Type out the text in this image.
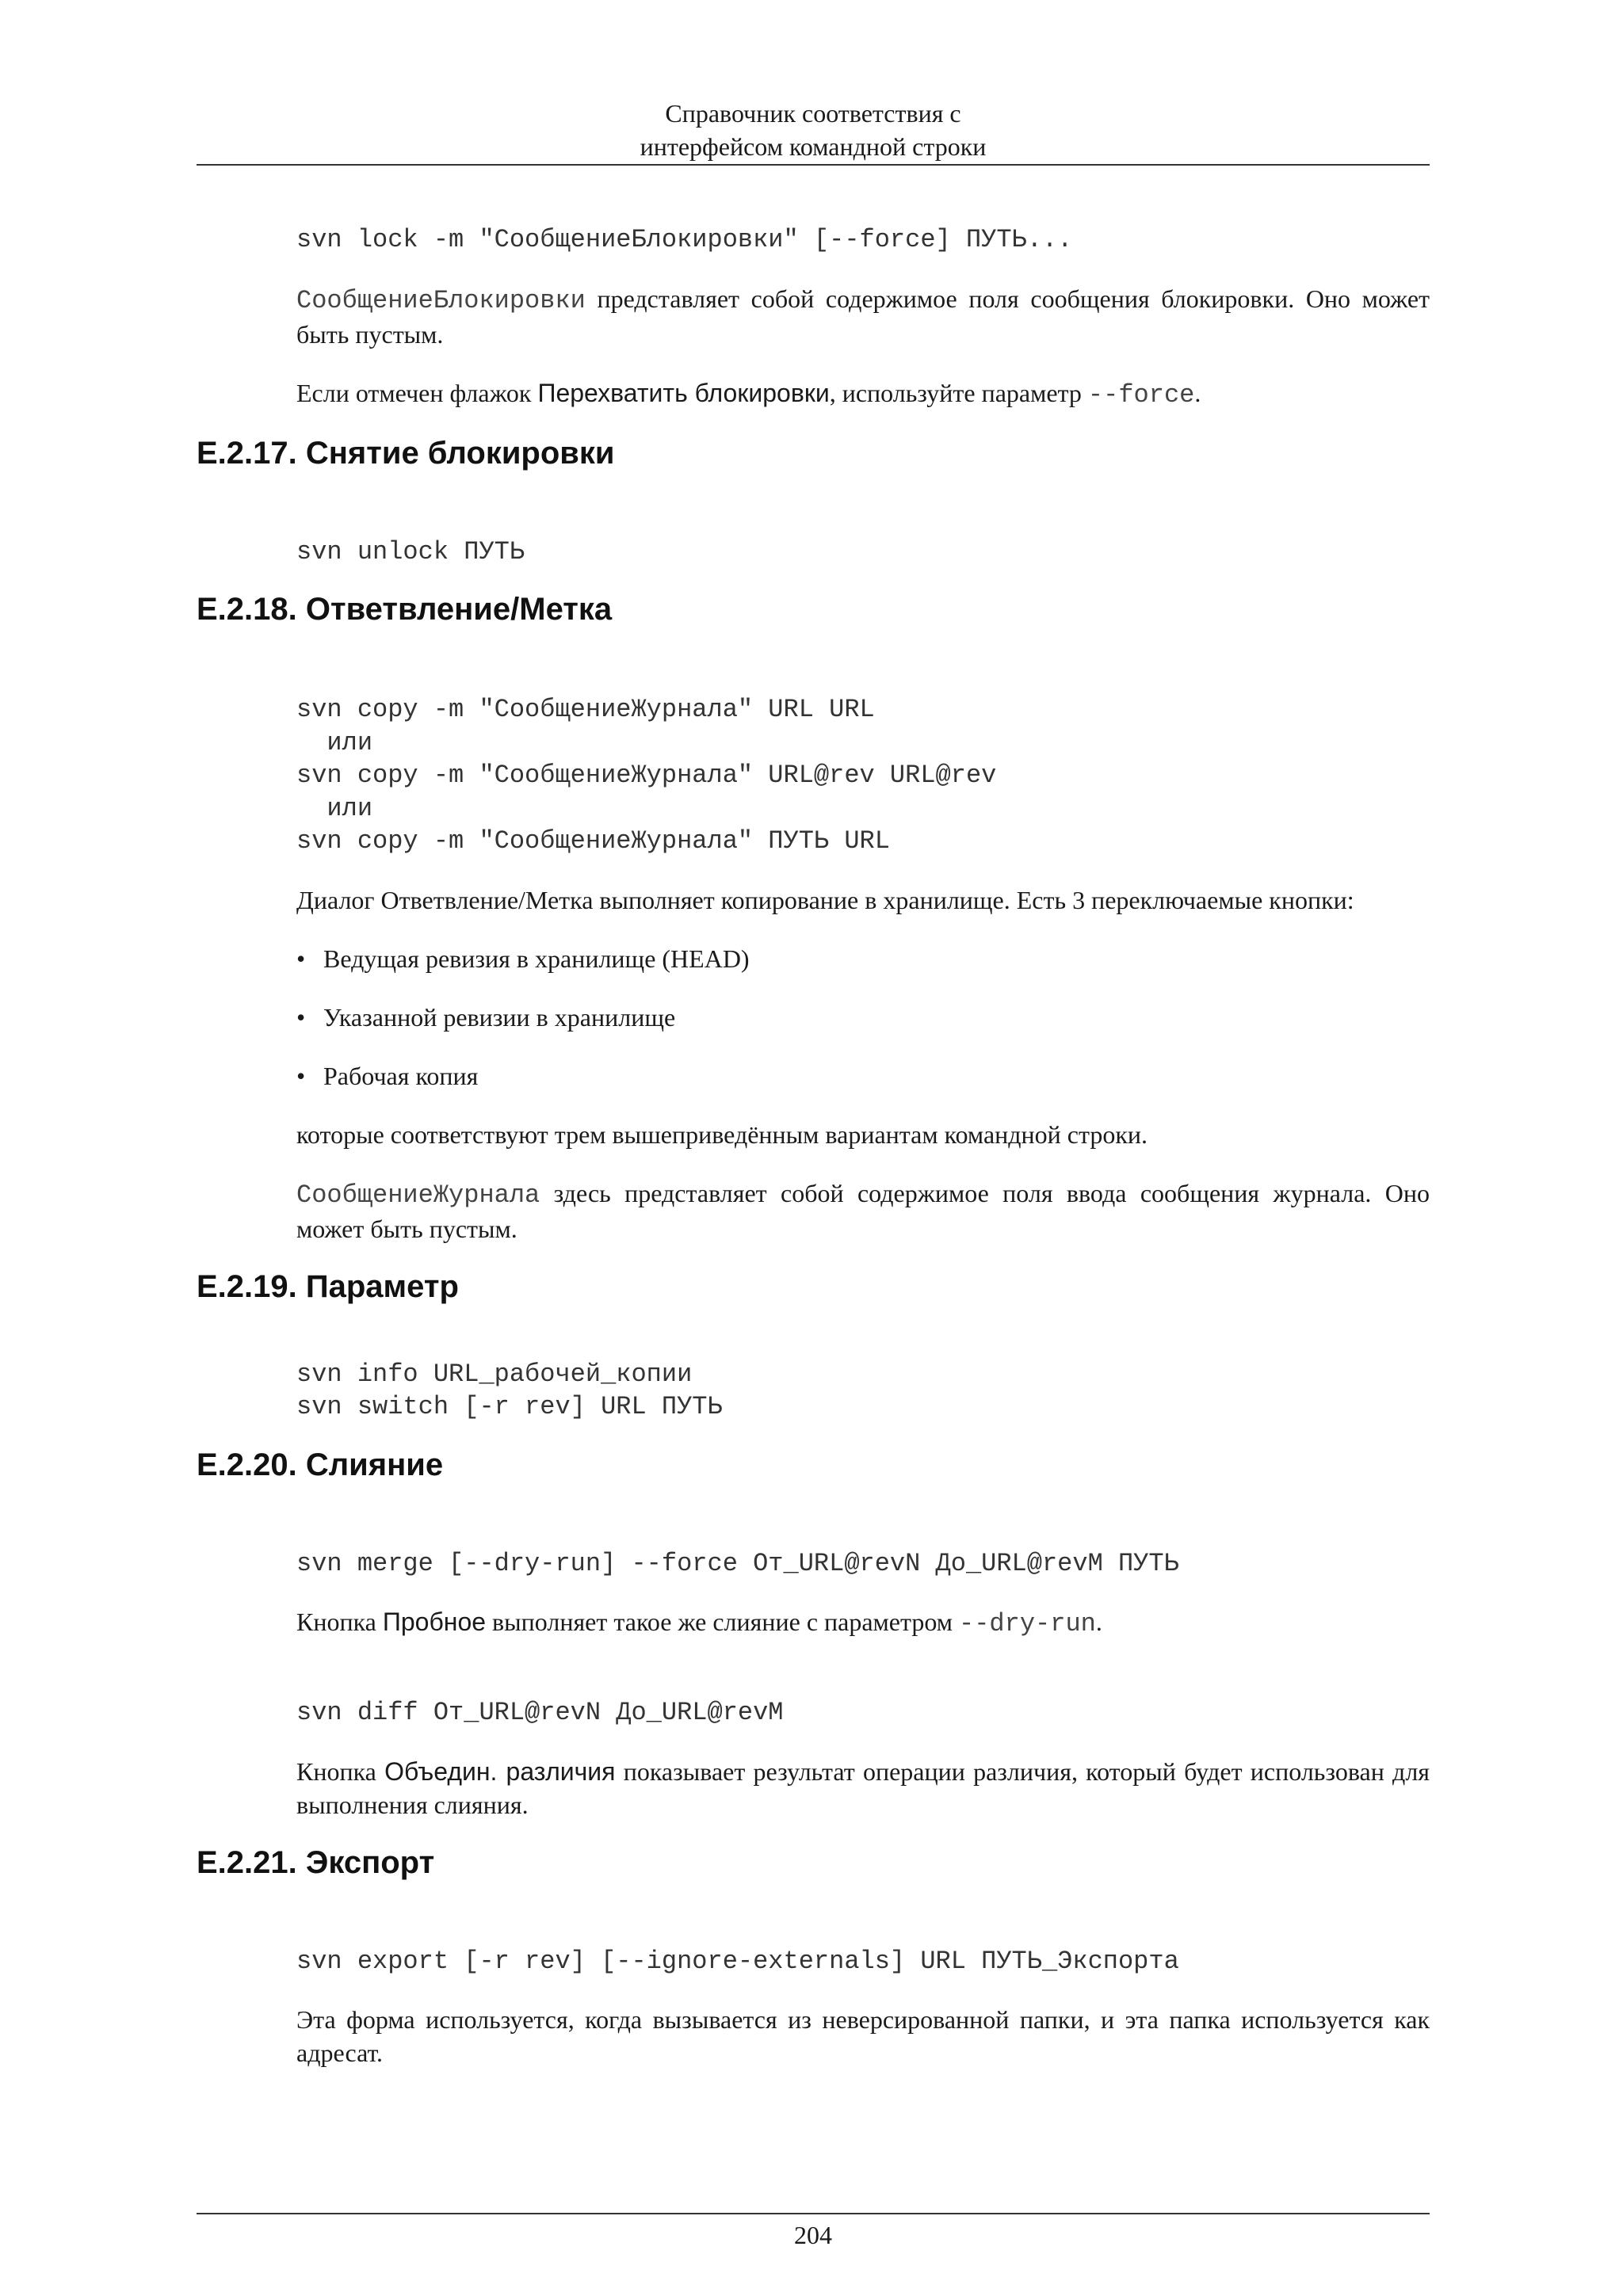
Справочник соответствия с
интерфейсом командной строки
svn lock -m "СообщениеБлокировки" [--force] ПУТЬ...

СообщениеБлокировки представляет собой содержимое поля сообщения блокировки. Оно может быть пустым.

Если отмечен флажок Перехватить блокировки, используйте параметр --force.

E.2.17. Снятие блокировки
svn unlock ПУТЬ
E.2.18. Ответвление/Метка
svn copy -m "СообщениеЖурнала" URL URL
или
svn copy -m "СообщениеЖурнала" URL@rev URL@rev
или
svn copy -m "СообщениеЖурнала" ПУТЬ URL

Диалог Ответвление/Метка выполняет копирование в хранилище. Есть 3 переключаемые кнопки:

• Ведущая ревизия в хранилище (HEAD)
• Указанной ревизии в хранилище
• Рабочая копия

которые соответствуют трем вышеприведённым вариантам командной строки.

СообщениеЖурнала здесь представляет собой содержимое поля ввода сообщения журнала. Оно может быть пустым.

E.2.19. Параметр
svn info URL_рабочей_копии
svn switch [-r rev] URL ПУТЬ
E.2.20. Слияние
svn merge [--dry-run] --force От_URL@revN До_URL@revM ПУТЬ

Кнопка Пробное выполняет такое же слияние с параметром --dry-run.

svn diff От_URL@revN До_URL@revM

Кнопка Объедин. различия показывает результат операции различия, который будет использован для выполнения слияния.

E.2.21. Экспорт
svn export [-r rev] [--ignore-externals] URL ПУТЬ_Экспорта

Эта форма используется, когда вызывается из неверсированной папки, и эта папка используется как адресат.

204
